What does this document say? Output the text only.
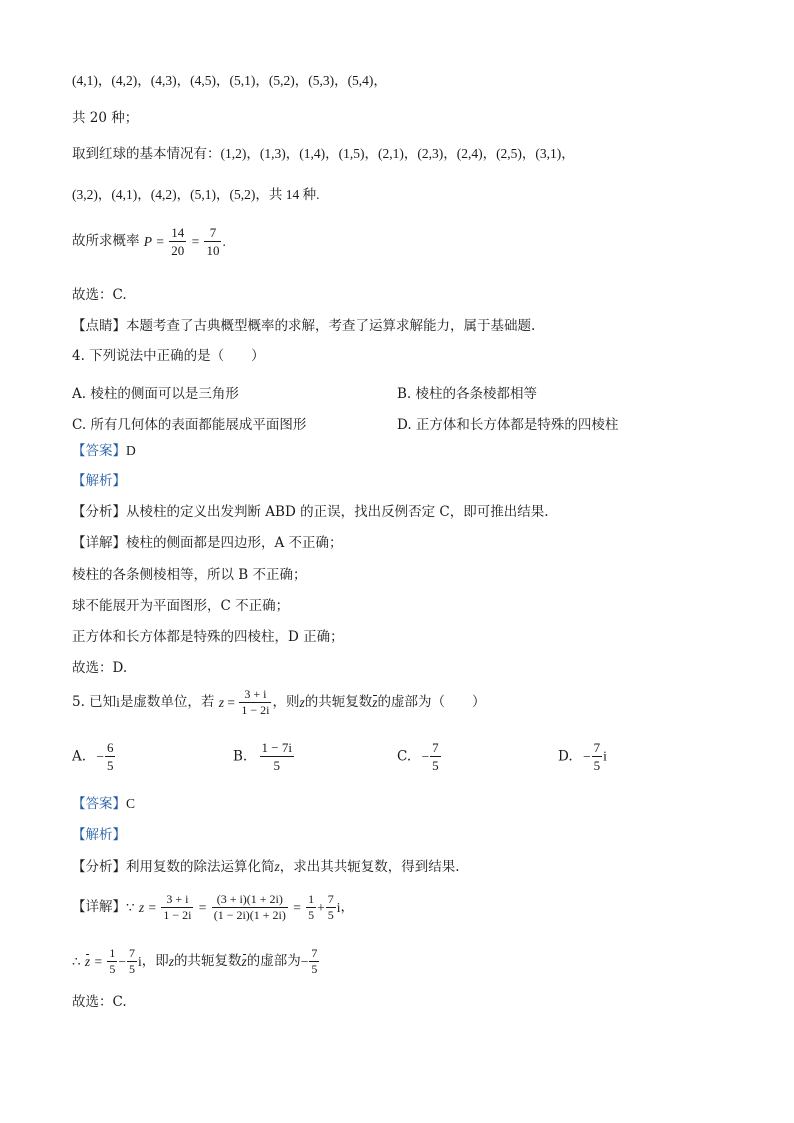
(4,1)，(4,2)，(4,3)，(4,5)，(5,1)，(5,2)，(5,3)，(5,4)，
共 20 种；
取到红球的基本情况有：(1,2)，(1,3)，(1,4)，(1,5)，(2,1)，(2,3)，(2,4)，(2,5)，(3,1)，
(3,2)，(4,1)，(4,2)，(5,1)，(5,2)，共 14 种.
故所求概率 $P = \frac{14}{20} = \frac{7}{10}$ .
故选：C.
【点睛】本题考查了古典概型概率的求解，考查了运算求解能力，属于基础题.
4. 下列说法中正确的是（　　）
A. 棱柱的侧面可以是三角形	B. 棱柱的各条棱都相等
C. 所有几何体的表面都能展成平面图形	D. 正方体和长方体都是特殊的四棱柱
【答案】D
【解析】
【分析】从棱柱的定义出发判断 ABD 的正误，找出反例否定 C，即可推出结果.
【详解】棱柱的侧面都是四边形，A 不正确；
棱柱的各条侧棱相等，所以 B 不正确；
球不能展开为平面图形，C 不正确；
正方体和长方体都是特殊的四棱柱，D 正确；
故选：D.
5. 已知i是虚数单位，若 $z = \frac{3 + i}{1 - 2i}$ ，则z的共轭复数z的虚部为（　　）
A. − $\frac{6}{5}$	B. $\frac{1 - 7i}{5}$	C. − $\frac{7}{5}$	D. − $\frac{7}{5}$ i
【答案】C
【解析】
【分析】利用复数的除法运算化简z，求出其共轭复数，得到结果.
【详解】∵ $z = \frac{3 + i}{1 - 2i} = \frac{(3 + i)(1 + 2i)}{(1 - 2i)(1 + 2i)} = \frac{1}{5} + \frac{7}{5}$ i，
∴ $z = \frac{1}{5} - \frac{7}{5}$ i，即z的共轭复数z的虚部为− $\frac{7}{5}$
故选：C.
